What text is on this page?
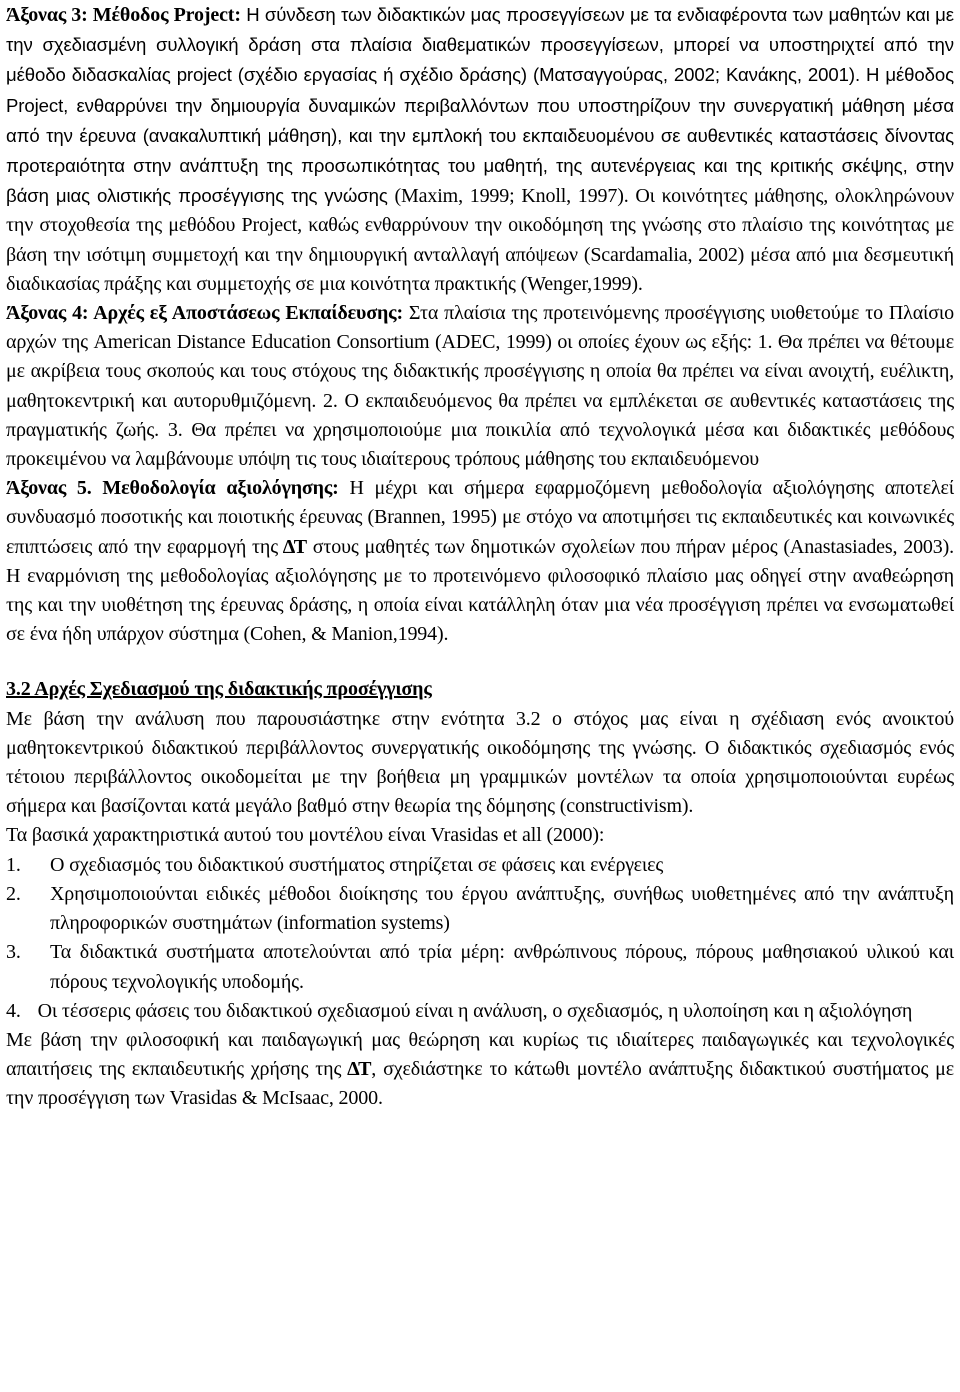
Άξονας 3: Μέθοδος Project: Η σύνδεση των διδακτικών μας προσεγγίσεων με τα ενδιαφέροντα των μαθητών και με την σχεδιασμένη συλλογική δράση στα πλαίσια διαθεματικών προσεγγίσεων, μπορεί να υποστηριχτεί από την μέθοδο διδασκαλίας project (σχέδιο εργασίας ή σχέδιο δράσης) (Ματσαγγούρας, 2002; Κανάκης, 2001). Η μέθοδος Project, ενθαρρύνει την δημιουργία δυναμικών περιβαλλόντων που υποστηρίζουν την συνεργατική μάθηση μέσα από την έρευνα (ανακαλυπτική μάθηση), και την εμπλοκή του εκπαιδευομένου σε αυθεντικές καταστάσεις δίνοντας προτεραιότητα στην ανάπτυξη της προσωπικότητας του μαθητή, της αυτενέργειας και της κριτικής σκέψης, στην βάση μιας ολιστικής προσέγγισης της γνώσης (Maxim, 1999; Knoll, 1997). Οι κοινότητες μάθησης, ολοκληρώνουν την στοχοθεσία της μεθόδου Project, καθώς ενθαρρύνουν την οικοδόμηση της γνώσης στο πλαίσιο της κοινότητας με βάση την ισότιμη συμμετοχή και την δημιουργική ανταλλαγή απόψεων (Scardamalia, 2002) μέσα από μια δεσμευτική διαδικασίας πράξης και συμμετοχής σε μια κοινότητα πρακτικής (Wenger,1999).

Άξονας 4: Αρχές εξ Αποστάσεως Εκπαίδευσης: Στα πλαίσια της προτεινόμενης προσέγγισης υιοθετούμε το Πλαίσιο αρχών της American Distance Education Consortium (ADEC, 1999) οι οποίες έχουν ως εξής: 1. Θα πρέπει να θέτουμε με ακρίβεια τους σκοπούς και τους στόχους της διδακτικής προσέγγισης η οποία θα πρέπει να είναι ανοιχτή, ευέλικτη, μαθητοκεντρική και αυτορυθμιζόμενη. 2. Ο εκπαιδευόμενος θα πρέπει να εμπλέκεται σε αυθεντικές καταστάσεις της πραγματικής ζωής. 3. Θα πρέπει να χρησιμοποιούμε μια ποικιλία από τεχνολογικά μέσα και διδακτικές μεθόδους προκειμένου να λαμβάνουμε υπόψη τις τους ιδιαίτερους τρόπους μάθησης του εκπαιδευόμενου

Άξονας 5. Μεθοδολογία αξιολόγησης: Η μέχρι και σήμερα εφαρμοζόμενη μεθοδολογία αξιολόγησης αποτελεί συνδυασμό ποσοτικής και ποιοτικής έρευνας (Brannen, 1995) με στόχο να αποτιμήσει τις εκπαιδευτικές και κοινωνικές επιπτώσεις από την εφαρμογή της ΔΤ στους μαθητές των δημοτικών σχολείων που πήραν μέρος (Anastasiades, 2003). Η εναρμόνιση της μεθοδολογίας αξιολόγησης με το προτεινόμενο φιλοσοφικό πλαίσιο μας οδηγεί στην αναθεώρηση της και την υιοθέτηση της έρευνας δράσης, η οποία είναι κατάλληλη όταν μια νέα προσέγγιση πρέπει να ενσωματωθεί σε ένα ήδη υπάρχον σύστημα (Cohen, & Manion,1994).

3.2 Αρχές Σχεδιασμού της διδακτικής προσέγγισης

Με βάση την ανάλυση που παρουσιάστηκε στην ενότητα 3.2 ο στόχος μας είναι η σχέδιαση ενός ανοικτού μαθητοκεντρικού διδακτικού περιβάλλοντος συνεργατικής οικοδόμησης της γνώσης. Ο διδακτικός σχεδιασμός ενός τέτοιου περιβάλλοντος οικοδομείται με την βοήθεια μη γραμμικών μοντέλων τα οποία χρησιμοποιούνται ευρέως σήμερα και βασίζονται κατά μεγάλο βαθμό στην θεωρία της δόμησης (constructivism).

Τα βασικά χαρακτηριστικά αυτού του μοντέλου είναι Vrasidas et all (2000):

1. Ο σχεδιασμός του διδακτικού συστήματος στηρίζεται σε φάσεις και ενέργειες
2. Χρησιμοποιούνται ειδικές μέθοδοι διοίκησης του έργου ανάπτυξης, συνήθως υιοθετημένες από την ανάπτυξη πληροφορικών συστημάτων (information systems)
3. Τα διδακτικά συστήματα αποτελούνται από τρία μέρη: ανθρώπινους πόρους, πόρους μαθησιακού υλικού και πόρους τεχνολογικής υποδομής.

4. Οι τέσσερις φάσεις του διδακτικού σχεδιασμού είναι η ανάλυση, ο σχεδιασμός, η υλοποίηση και η αξιολόγηση

Με βάση την φιλοσοφική και παιδαγωγική μας θεώρηση και κυρίως τις ιδιαίτερες παιδαγωγικές και τεχνολογικές απαιτήσεις της εκπαιδευτικής χρήσης της ΔΤ, σχεδιάστηκε το κάτωθι μοντέλο ανάπτυξης διδακτικού συστήματος με την προσέγγιση των Vrasidas & McIsaac, 2000.
